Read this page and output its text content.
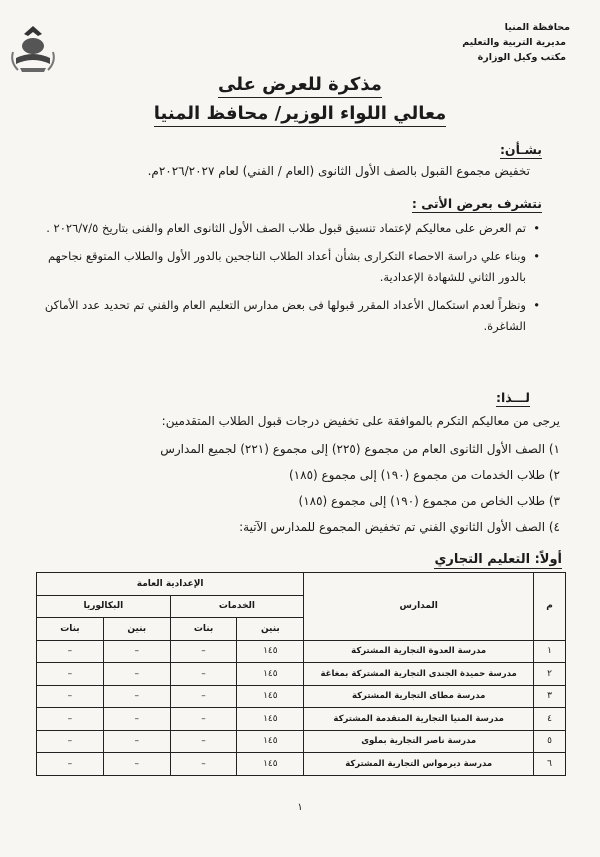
محافظة المنيا
مديرية التربية والتعليم
مكتب وكيل الوزارة
مذكرة للعرض على
معالي اللواء الوزير/ محافظ المنيا
بشـأن:
تخفيض مجموع القبول بالصف الأول الثانوى (العام / الفني) لعام ٢٠٢٦/٢٠٢٧م.
نتشرف بعرض الأتى :
•
تم العرض على معاليكم لإعتماد تنسيق قبول طلاب الصف الأول الثانوى العام والفنى بتاريخ ٢٠٢٦/٧/٥ .
•
وبناء علي دراسة الاحصاء التكرارى بشأن أعداد الطلاب الناجحين بالدور الأول والطلاب المتوقع نجاحهم بالدور الثاني للشهادة الإعدادية.
•
ونظراً لعدم استكمال الأعداد المقرر قبولها فى بعض مدارس التعليم العام والفني تم تحديد عدد الأماكن الشاغرة.
لـــذا:
يرجى من معاليكم التكرم بالموافقة على تخفيض درجات قبول الطلاب المتقدمين:
١) الصف الأول الثانوى العام من مجموع (٢٢٥) إلى مجموع (٢٢١) لجميع المدارس
٢) طلاب الخدمات من مجموع (١٩٠) إلى مجموع (١٨٥)
٣) طلاب الخاص من مجموع (١٩٠) إلى مجموع (١٨٥)
٤) الصف الأول الثانوي الفني تم تخفيض المجموع للمدارس الآتية:
أولاً: التعليم التجاري
م	المدارس	الإعدادية العامة			
		الخدمات		البكالوريا	
		بنين	بنات	بنين	بنات
١	مدرسة العدوة التجارية المشتركة	١٤٥	–	–	–
٢	مدرسة حميدة الجندى التجارية المشتركة بمغاغة	١٤٥	–	–	–
٣	مدرسة مطاى التجارية المشتركة	١٤٥	–	–	–
٤	مدرسة المنيا التجارية المتقدمة المشتركة	١٤٥	–	–	–
٥	مدرسة ناصر التجارية بملوى	١٤٥	–	–	–
٦	مدرسة ديرمواس التجارية المشتركة	١٤٥	–	–	–
١
